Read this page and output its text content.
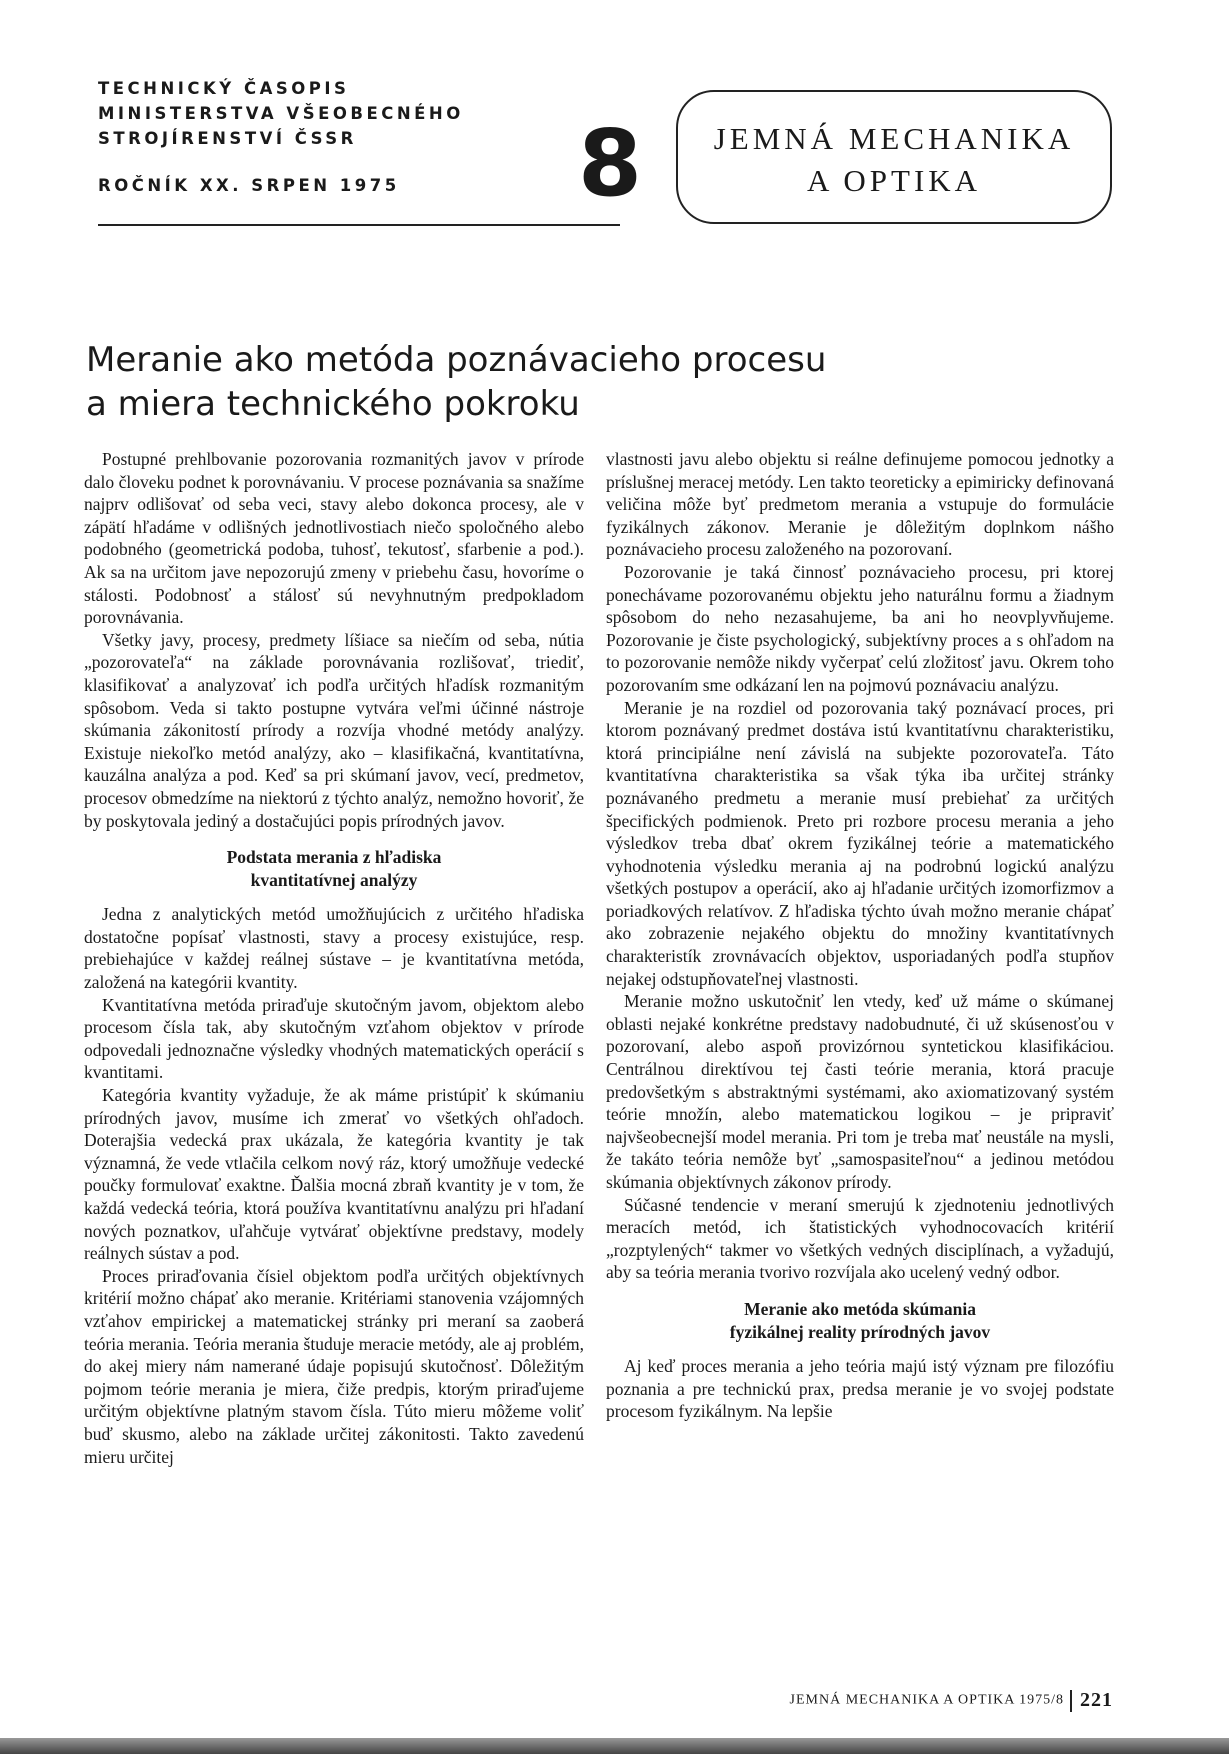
TECHNICKÝ ČASOPIS
MINISTERSTVA VŠEOBECNÉHO
STROJÍRENSTVÍ ČSSR
ROČNÍK XX. SRPEN 1975	8	JEMNÁ MECHANIKA
A OPTIKA
Meranie ako metóda poznávacieho procesu
a miera technického pokroku

Postupné prehlbovanie pozorovania rozmanitých javov v prírode dalo človeku podnet k porovnávaniu. V procese poznávania sa snažíme najprv odlišovať od seba veci, stavy alebo dokonca procesy, ale v zápätí hľadáme v odlišných jednotlivostiach niečo spoločného alebo podobného (geometrická podoba, tuhosť, tekutosť, sfarbenie a pod.). Ak sa na určitom jave nepozorujú zmeny v priebehu času, hovoríme o stálosti. Podobnosť a stálosť sú nevyhnutným predpokladom porovnávania.

Všetky javy, procesy, predmety líšiace sa niečím od seba, nútia „pozorovateľa“ na základe porovnávania rozlišovať, triediť, klasifikovať a analyzovať ich podľa určitých hľadísk rozmanitým spôsobom. Veda si takto postupne vytvára veľmi účinné nástroje skúmania zákonitostí prírody a rozvíja vhodné metódy analýzy. Existuje niekoľko metód analýzy, ako – klasifikačná, kvantitatívna, kauzálna analýza a pod. Keď sa pri skúmaní javov, vecí, predmetov, procesov obmedzíme na niektorú z týchto analýz, nemožno hovoriť, že by poskytovala jediný a dostačujúci popis prírodných javov.

Podstata merania z hľadiska
kvantitatívnej analýzy

Jedna z analytických metód umožňujúcich z určitého hľadiska dostatočne popísať vlastnosti, stavy a procesy existujúce, resp. prebiehajúce v každej reálnej sústave – je kvantitatívna metóda, založená na kategórii kvantity.

Kvantitatívna metóda priraďuje skutočným javom, objektom alebo procesom čísla tak, aby skutočným vzťahom objektov v prírode odpovedali jednoznačne výsledky vhodných matematických operácií s kvantitami.

Kategória kvantity vyžaduje, že ak máme pristúpiť k skúmaniu prírodných javov, musíme ich zmerať vo všetkých ohľadoch. Doterajšia vedecká prax ukázala, že kategória kvantity je tak významná, že vede vtlačila celkom nový ráz, ktorý umožňuje vedecké poučky formulovať exaktne. Ďalšia mocná zbraň kvantity je v tom, že každá vedecká teória, ktorá používa kvantitatívnu analýzu pri hľadaní nových poznatkov, uľahčuje vytvárať objektívne predstavy, modely reálnych sústav a pod.

Proces priraďovania čísiel objektom podľa určitých objektívnych kritérií možno chápať ako meranie. Kritériami stanovenia vzájomných vzťahov empirickej a matematickej stránky pri meraní sa zaoberá teória merania. Teória merania študuje meracie metódy, ale aj problém, do akej miery nám namerané údaje popisujú skutočnosť. Dôležitým pojmom teórie merania je miera, čiže predpis, ktorým priraďujeme určitým objektívne platným stavom čísla. Túto mieru môžeme voliť buď skusmo, alebo na základe určitej zákonitosti. Takto zavedenú mieru určitej

vlastnosti javu alebo objektu si reálne definujeme pomocou jednotky a príslušnej meracej metódy. Len takto teoreticky a epimiricky definovaná veličina môže byť predmetom merania a vstupuje do formulácie fyzikálnych zákonov. Meranie je dôležitým doplnkom nášho poznávacieho procesu založeného na pozorovaní.

Pozorovanie je taká činnosť poznávacieho procesu, pri ktorej ponechávame pozorovanému objektu jeho naturálnu formu a žiadnym spôsobom do neho nezasahujeme, ba ani ho neovplyvňujeme. Pozorovanie je čiste psychologický, subjektívny proces a s ohľadom na to pozorovanie nemôže nikdy vyčerpať celú zložitosť javu. Okrem toho pozorovaním sme odkázaní len na pojmovú poznávaciu analýzu.

Meranie je na rozdiel od pozorovania taký poznávací proces, pri ktorom poznávaný predmet dostáva istú kvantitatívnu charakteristiku, ktorá principiálne není závislá na subjekte pozorovateľa. Táto kvantitatívna charakteristika sa však týka iba určitej stránky poznávaného predmetu a meranie musí prebiehať za určitých špecifických podmienok. Preto pri rozbore procesu merania a jeho výsledkov treba dbať okrem fyzikálnej teórie a matematického vyhodnotenia výsledku merania aj na podrobnú logickú analýzu všetkých postupov a operácií, ako aj hľadanie určitých izomorfizmov a poriadkových relatívov. Z hľadiska týchto úvah možno meranie chápať ako zobrazenie nejakého objektu do množiny kvantitatívnych charakteristík zrovnávacích objektov, usporiadaných podľa stupňov nejakej odstupňovateľnej vlastnosti.

Meranie možno uskutočniť len vtedy, keď už máme o skúmanej oblasti nejaké konkrétne predstavy nadobudnuté, či už skúsenosťou v pozorovaní, alebo aspoň provizórnou syntetickou klasifikáciou. Centrálnou direktívou tej časti teórie merania, ktorá pracuje predovšetkým s abstraktnými systémami, ako axiomatizovaný systém teórie množín, alebo matematickou logikou – je pripraviť najvšeobecnejší model merania. Pri tom je treba mať neustále na mysli, že takáto teória nemôže byť „samospasiteľnou“ a jedinou metódou skúmania objektívnych zákonov prírody.

Súčasné tendencie v meraní smerujú k zjednoteniu jednotlivých meracích metód, ich štatistických vyhodnocovacích kritérií „rozptylených“ takmer vo všetkých vedných disciplínach, a vyžadujú, aby sa teória merania tvorivo rozvíjala ako ucelený vedný odbor.

Meranie ako metóda skúmania
fyzikálnej reality prírodných javov

Aj keď proces merania a jeho teória majú istý význam pre filozófiu poznania a pre technickú prax, predsa meranie je vo svojej podstate procesom fyzikálnym. Na lepšie

JEMNÁ MECHANIKA A OPTIKA 1975/8 221
